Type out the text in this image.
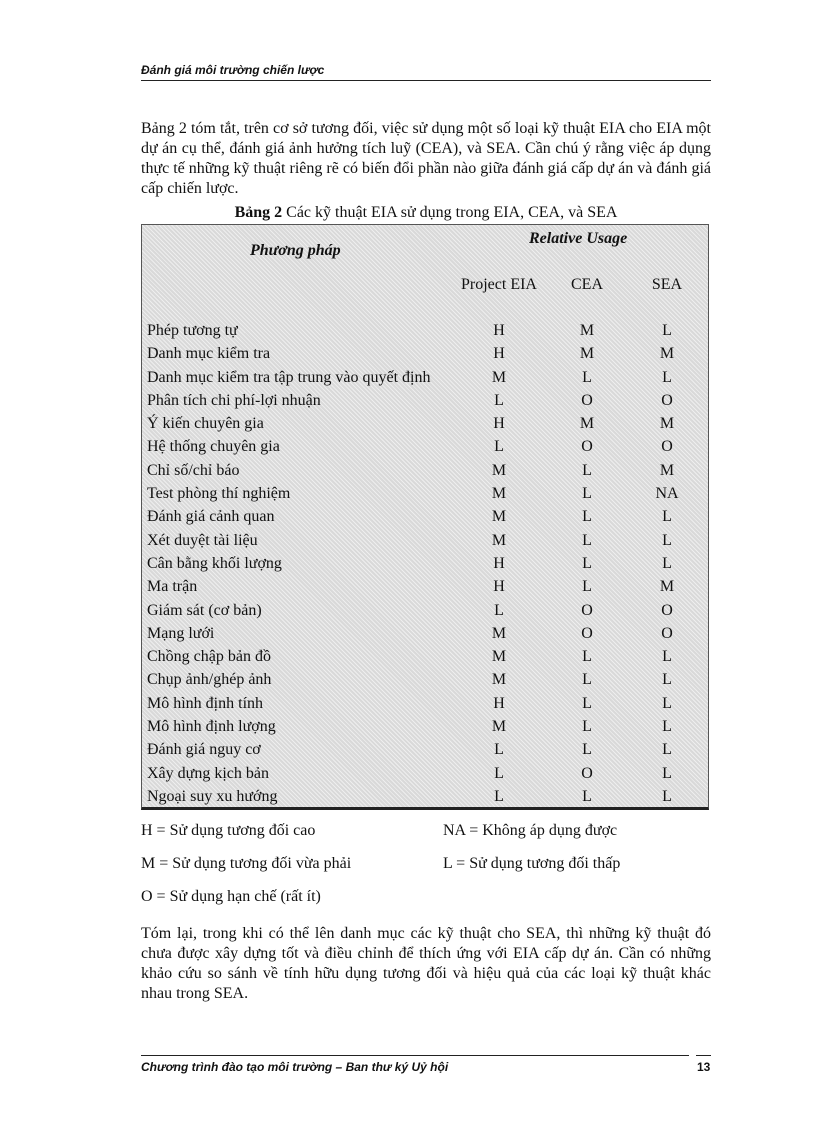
Đánh giá môi trường chiến lược

Bảng 2 tóm tắt, trên cơ sở tương đối, việc sử dụng một số loại kỹ thuật EIA cho EIA một dự án cụ thể, đánh giá ảnh hưởng tích luỹ (CEA), và SEA. Cần chú ý rằng việc áp dụng thực tế những kỹ thuật riêng rẽ có biến đổi phần nào giữa đánh giá cấp dự án và đánh giá cấp chiến lược.

Bảng 2 Các kỹ thuật EIA sử dụng trong EIA, CEA, và SEA
Phương pháp
Relative Usage
Project EIA	CEA	SEA
Phép tương tự	H	M	L
Danh mục kiểm tra	H	M	M
Danh mục kiểm tra tập trung vào quyết định	M	L	L
Phân tích chi phí-lợi nhuận	L	O	O
Ý kiến chuyên gia	H	M	M
Hệ thống chuyên gia	L	O	O
Chỉ số/chỉ báo	M	L	M
Test phòng thí nghiệm	M	L	NA
Đánh giá cảnh quan	M	L	L
Xét duyệt tài liệu	M	L	L
Cân bằng khối lượng	H	L	L
Ma trận	H	L	M
Giám sát (cơ bản)	L	O	O
Mạng lưới	M	O	O
Chồng chập bản đồ	M	L	L
Chụp ảnh/ghép ảnh	M	L	L
Mô hình định tính	H	L	L
Mô hình định lượng	M	L	L
Đánh giá nguy cơ	L	L	L
Xây dựng kịch bản	L	O	L
Ngoại suy xu hướng	L	L	L
H = Sử dụng tương đối cao	NA = Không áp dụng được
M = Sử dụng tương đối vừa phải	L = Sử dụng tương đối thấp
O = Sử dụng hạn chế (rất ít)

Tóm lại, trong khi có thể lên danh mục các kỹ thuật cho SEA, thì những kỹ thuật đó chưa được xây dựng tốt và điều chỉnh để thích ứng với EIA cấp dự án. Cần có những khảo cứu so sánh về tính hữu dụng tương đối và hiệu quả của các loại kỹ thuật khác nhau trong SEA.

Chương trình đào tạo môi trường – Ban thư ký Uỷ hội	13
